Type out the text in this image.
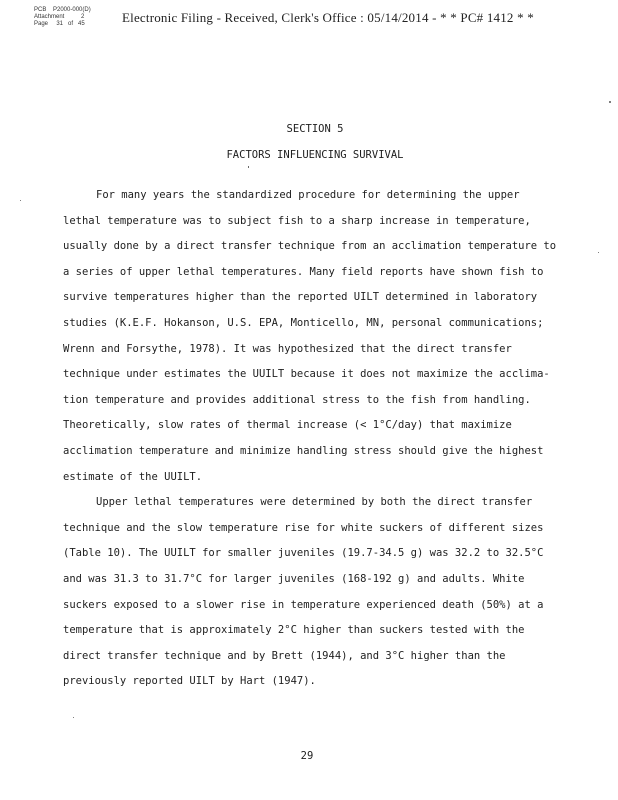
PCB    P2000-000(D)
Attachment          2
Page     31   of   45	Electronic Filing - Received, Clerk's Office : 05/14/2014 - * * PC# 1412 * *
SECTION 5
FACTORS INFLUENCING SURVIVAL
For many years the standardized procedure for determining the upper
lethal temperature was to subject fish to a sharp increase in temperature,
usually done by a direct transfer technique from an acclimation temperature to
a series of upper lethal temperatures. Many field reports have shown fish to
survive temperatures higher than the reported UILT determined in laboratory
studies (K.E.F. Hokanson, U.S. EPA, Monticello, MN, personal communications;
Wrenn and Forsythe, 1978). It was hypothesized that the direct transfer
technique under estimates the UUILT because it does not maximize the acclima-
tion temperature and provides additional stress to the fish from handling.
Theoretically, slow rates of thermal increase (< 1°C/day) that maximize
acclimation temperature and minimize handling stress should give the highest
estimate of the UUILT.
Upper lethal temperatures were determined by both the direct transfer
technique and the slow temperature rise for white suckers of different sizes
(Table 10). The UUILT for smaller juveniles (19.7-34.5 g) was 32.2 to 32.5°C
and was 31.3 to 31.7°C for larger juveniles (168-192 g) and adults. White
suckers exposed to a slower rise in temperature experienced death (50%) at a
temperature that is approximately 2°C higher than suckers tested with the
direct transfer technique and by Brett (1944), and 3°C higher than the
previously reported UILT by Hart (1947).
29
